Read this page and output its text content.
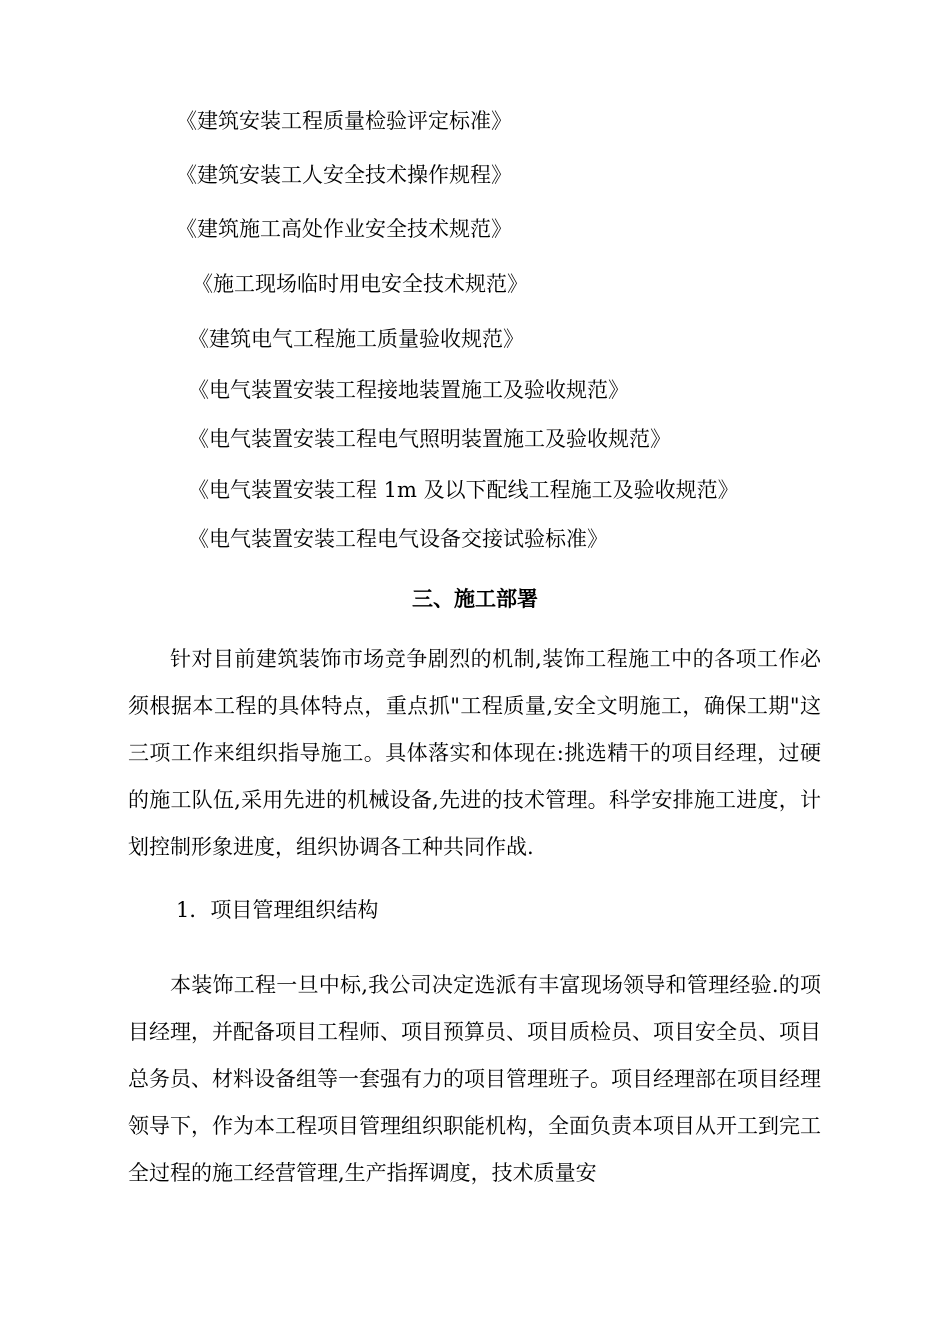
《建筑安装工程质量检验评定标准》
《建筑安装工人安全技术操作规程》
《建筑施工高处作业安全技术规范》
《施工现场临时用电安全技术规范》
《建筑电气工程施工质量验收规范》
《电气装置安装工程接地装置施工及验收规范》
《电气装置安装工程电气照明装置施工及验收规范》
《电气装置安装工程 1m 及以下配线工程施工及验收规范》
《电气装置安装工程电气设备交接试验标准》
三、施工部署
针对目前建筑装饰市场竞争剧烈的机制,装饰工程施工中的各项工作必须根据本工程的具体特点，重点抓"工程质量,安全文明施工，确保工期"这三项工作来组织指导施工。具体落实和体现在:挑选精干的项目经理，过硬的施工队伍,采用先进的机械设备,先进的技术管理。科学安排施工进度，计划控制形象进度，组织协调各工种共同作战.
1．项目管理组织结构
本装饰工程一旦中标,我公司决定选派有丰富现场领导和管理经验.的项目经理，并配备项目工程师、项目预算员、项目质检员、项目安全员、项目总务员、材料设备组等一套强有力的项目管理班子。项目经理部在项目经理领导下，作为本工程项目管理组织职能机构，全面负责本项目从开工到完工全过程的施工经营管理,生产指挥调度，技术质量安
